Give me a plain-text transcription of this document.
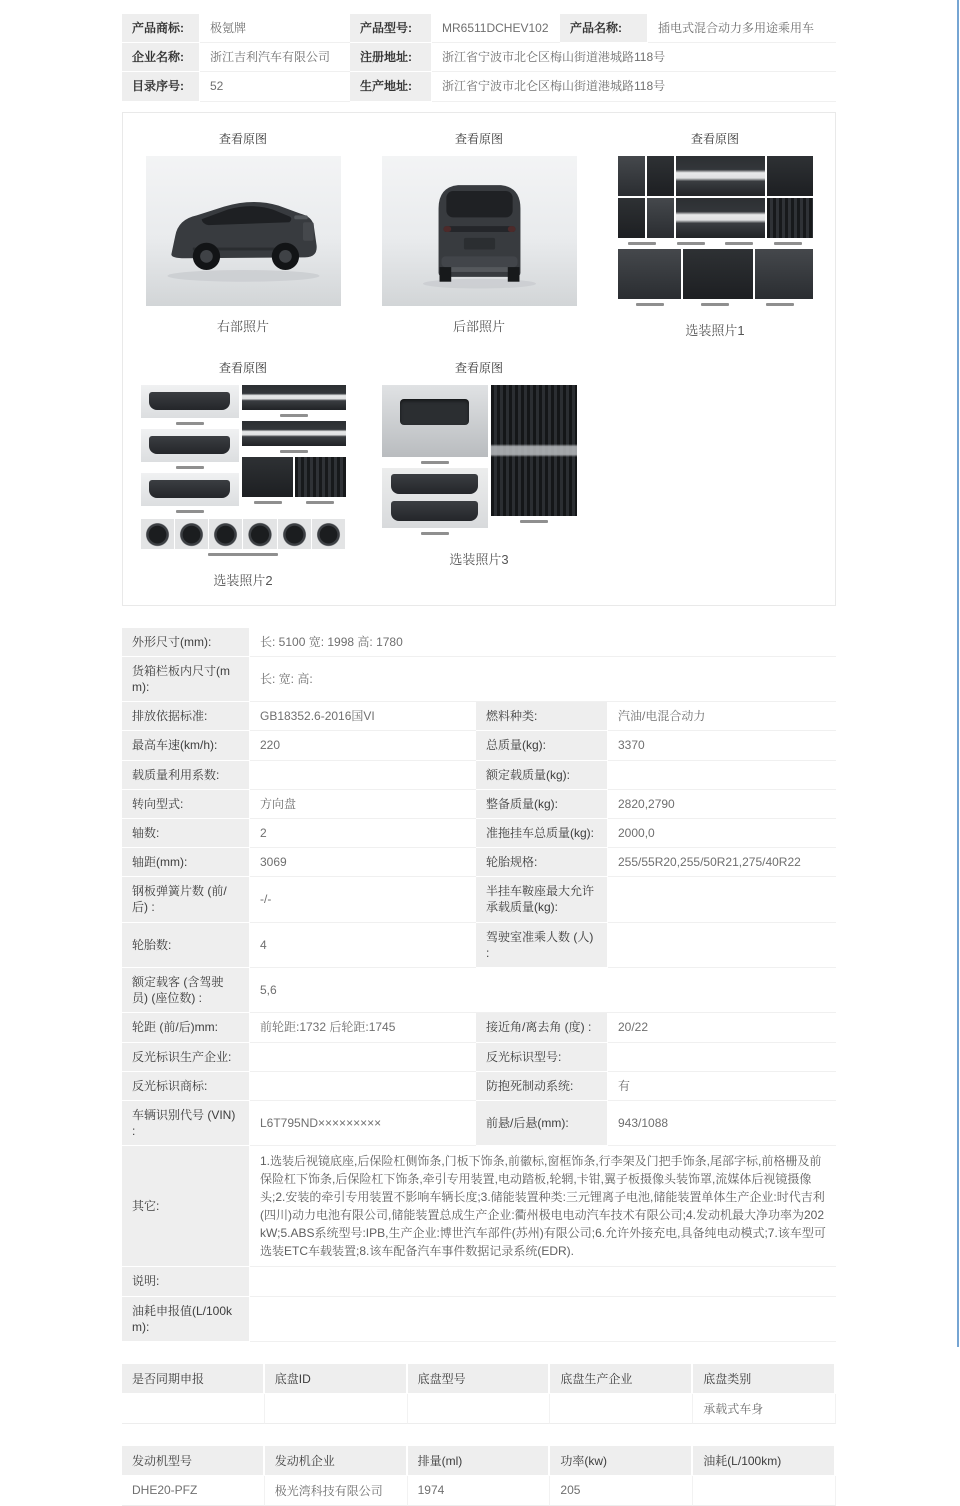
产品商标:	极氪牌	产品型号:	MR6511DCHEV102	产品名称:	插电式混合动力多用途乘用车
企业名称:	浙江吉利汽车有限公司	注册地址:	浙江省宁波市北仑区梅山街道港城路118号		
目录序号:	52	生产地址:	浙江省宁波市北仑区梅山街道港城路118号		
查看原图
右部照片
查看原图
后部照片
查看原图
选装照片1
查看原图
选装照片2
查看原图
选装照片3
外形尺寸(mm):	长: 5100 宽: 1998 高: 1780		
货箱栏板内尺寸(mm):	长: 宽: 高:		
排放依据标准:	GB18352.6-2016国VI	燃料种类:	汽油/电混合动力
最高车速(km/h):	220	总质量(kg):	3370
载质量利用系数:		额定载质量(kg):	
转向型式:	方向盘	整备质量(kg):	2820,2790
轴数:	2	准拖挂车总质量(kg):	2000,0
轴距(mm):	3069	轮胎规格:	255/55R20,255/50R21,275/40R22
钢板弹簧片数 (前/后) :	-/-	半挂车鞍座最大允许承载质量(kg):	
轮胎数:	4	驾驶室准乘人数 (人) :	
额定载客 (含驾驶员) (座位数) :	5,6		
轮距 (前/后)mm:	前轮距:1732 后轮距:1745	接近角/离去角 (度) :	20/22
反光标识生产企业:		反光标识型号:	
反光标识商标:		防抱死制动系统:	有
车辆识别代号 (VIN) :	L6T795ND×××××××××	前悬/后悬(mm):	943/1088
其它:	1.选装后视镜底座,后保险杠侧饰条,门板下饰条,前徽标,窗框饰条,行李架及门把手饰条,尾部字标,前格栅及前保险杠下饰条,后保险杠下饰条,牵引专用装置,电动踏板,轮辋,卡钳,翼子板摄像头装饰罩,流媒体后视镜摄像头;2.安装的牵引专用装置不影响车辆长度;3.储能装置种类:三元锂离子电池,储能装置单体生产企业:时代吉利(四川)动力电池有限公司,储能装置总成生产企业:衢州极电电动汽车技术有限公司;4.发动机最大净功率为202kW;5.ABS系统型号:IPB,生产企业:博世汽车部件(苏州)有限公司;6.允许外接充电,具备纯电动模式;7.该车型可选装ETC车载装置;8.该车配备汽车事件数据记录系统(EDR).		
说明:			
油耗申报值(L/100km):			
是否同期申报	底盘ID	底盘型号	底盘生产企业	底盘类别
				承载式车身
发动机型号	发动机企业	排量(ml)	功率(kw)	油耗(L/100km)
DHE20-PFZ	极光湾科技有限公司	1974	205	
